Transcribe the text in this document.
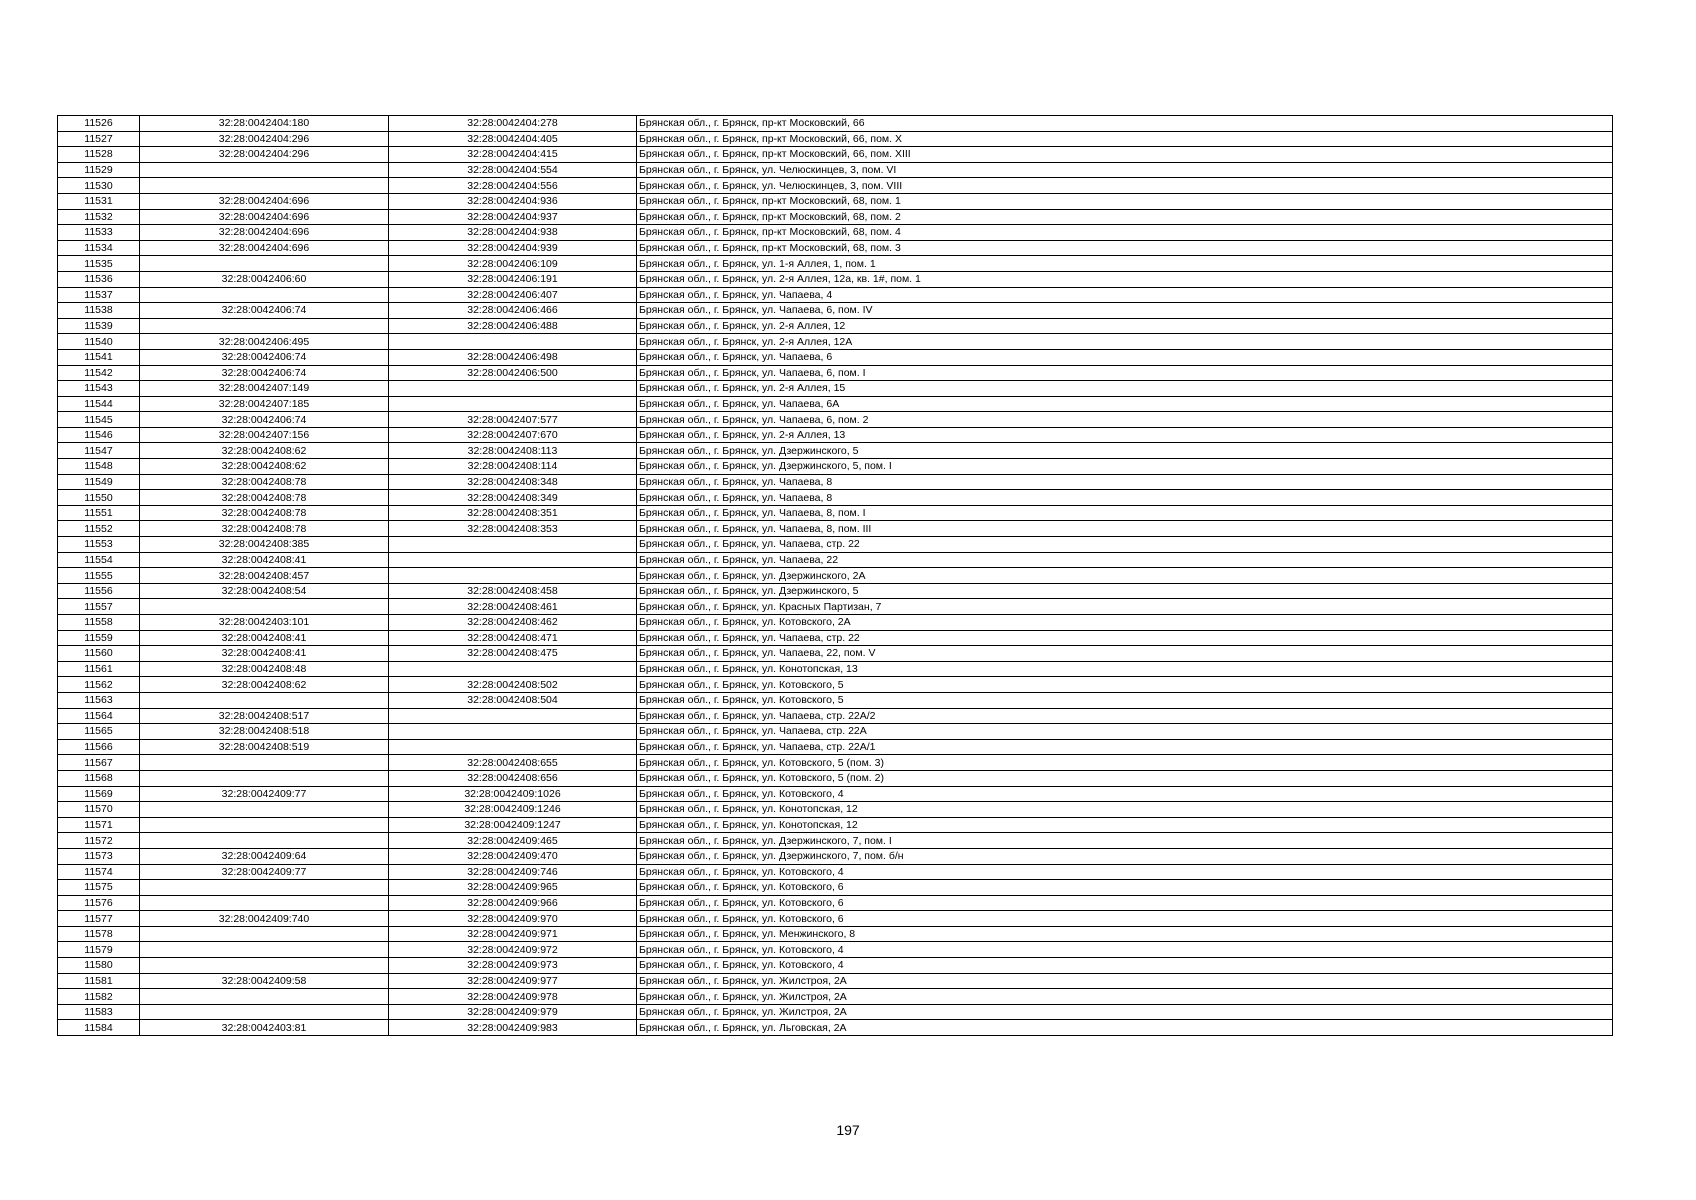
11526	32:28:0042404:180	32:28:0042404:278	Брянская обл., г. Брянск, пр-кт Московский, 66
11527	32:28:0042404:296	32:28:0042404:405	Брянская обл., г. Брянск, пр-кт Московский, 66, пом. X
11528	32:28:0042404:296	32:28:0042404:415	Брянская обл., г. Брянск, пр-кт Московский, 66, пом. XIII
11529		32:28:0042404:554	Брянская обл., г. Брянск, ул. Челюскинцев, 3, пом. VI
11530		32:28:0042404:556	Брянская обл., г. Брянск, ул. Челюскинцев, 3, пом. VIII
11531	32:28:0042404:696	32:28:0042404:936	Брянская обл., г. Брянск, пр-кт Московский, 68, пом. 1
11532	32:28:0042404:696	32:28:0042404:937	Брянская обл., г. Брянск, пр-кт Московский, 68, пом. 2
11533	32:28:0042404:696	32:28:0042404:938	Брянская обл., г. Брянск, пр-кт Московский, 68, пом. 4
11534	32:28:0042404:696	32:28:0042404:939	Брянская обл., г. Брянск, пр-кт Московский, 68, пом. 3
11535		32:28:0042406:109	Брянская обл., г. Брянск, ул. 1-я Аллея, 1, пом. 1
11536	32:28:0042406:60	32:28:0042406:191	Брянская обл., г. Брянск, ул. 2-я Аллея, 12а, кв. 1#, пом. 1
11537		32:28:0042406:407	Брянская обл., г. Брянск, ул. Чапаева, 4
11538	32:28:0042406:74	32:28:0042406:466	Брянская обл., г. Брянск, ул. Чапаева, 6, пом. IV
11539		32:28:0042406:488	Брянская обл., г. Брянск, ул. 2-я Аллея, 12
11540	32:28:0042406:495		Брянская обл., г. Брянск, ул. 2-я Аллея, 12А
11541	32:28:0042406:74	32:28:0042406:498	Брянская обл., г. Брянск, ул. Чапаева, 6
11542	32:28:0042406:74	32:28:0042406:500	Брянская обл., г. Брянск, ул. Чапаева, 6, пом. I
11543	32:28:0042407:149		Брянская обл., г. Брянск, ул. 2-я Аллея, 15
11544	32:28:0042407:185		Брянская обл., г. Брянск, ул. Чапаева, 6А
11545	32:28:0042406:74	32:28:0042407:577	Брянская обл., г. Брянск, ул. Чапаева, 6, пом. 2
11546	32:28:0042407:156	32:28:0042407:670	Брянская обл., г. Брянск, ул. 2-я Аллея, 13
11547	32:28:0042408:62	32:28:0042408:113	Брянская обл., г. Брянск, ул. Дзержинского, 5
11548	32:28:0042408:62	32:28:0042408:114	Брянская обл., г. Брянск, ул. Дзержинского, 5, пом. I
11549	32:28:0042408:78	32:28:0042408:348	Брянская обл., г. Брянск, ул. Чапаева, 8
11550	32:28:0042408:78	32:28:0042408:349	Брянская обл., г. Брянск, ул. Чапаева, 8
11551	32:28:0042408:78	32:28:0042408:351	Брянская обл., г. Брянск, ул. Чапаева, 8, пом. I
11552	32:28:0042408:78	32:28:0042408:353	Брянская обл., г. Брянск, ул. Чапаева, 8, пом. III
11553	32:28:0042408:385		Брянская обл., г. Брянск, ул. Чапаева, стр. 22
11554	32:28:0042408:41		Брянская обл., г. Брянск, ул. Чапаева, 22
11555	32:28:0042408:457		Брянская обл., г. Брянск, ул. Дзержинского, 2А
11556	32:28:0042408:54	32:28:0042408:458	Брянская обл., г. Брянск, ул. Дзержинского, 5
11557		32:28:0042408:461	Брянская обл., г. Брянск, ул. Красных Партизан, 7
11558	32:28:0042403:101	32:28:0042408:462	Брянская обл., г. Брянск, ул. Котовского, 2А
11559	32:28:0042408:41	32:28:0042408:471	Брянская обл., г. Брянск, ул. Чапаева, стр. 22
11560	32:28:0042408:41	32:28:0042408:475	Брянская обл., г. Брянск, ул. Чапаева, 22, пом. V
11561	32:28:0042408:48		Брянская обл., г. Брянск, ул. Конотопская, 13
11562	32:28:0042408:62	32:28:0042408:502	Брянская обл., г. Брянск, ул. Котовского, 5
11563		32:28:0042408:504	Брянская обл., г. Брянск, ул. Котовского, 5
11564	32:28:0042408:517		Брянская обл., г. Брянск, ул. Чапаева, стр. 22А/2
11565	32:28:0042408:518		Брянская обл., г. Брянск, ул. Чапаева, стр. 22А
11566	32:28:0042408:519		Брянская обл., г. Брянск, ул. Чапаева, стр. 22А/1
11567		32:28:0042408:655	Брянская обл., г. Брянск, ул. Котовского, 5 (пом. 3)
11568		32:28:0042408:656	Брянская обл., г. Брянск, ул. Котовского, 5 (пом. 2)
11569	32:28:0042409:77	32:28:0042409:1026	Брянская обл., г. Брянск, ул. Котовского, 4
11570		32:28:0042409:1246	Брянская обл., г. Брянск, ул. Конотопская, 12
11571		32:28:0042409:1247	Брянская обл., г. Брянск, ул. Конотопская, 12
11572		32:28:0042409:465	Брянская обл., г. Брянск, ул. Дзержинского, 7, пом. I
11573	32:28:0042409:64	32:28:0042409:470	Брянская обл., г. Брянск, ул. Дзержинского, 7, пом. б/н
11574	32:28:0042409:77	32:28:0042409:746	Брянская обл., г. Брянск, ул. Котовского, 4
11575		32:28:0042409:965	Брянская обл., г. Брянск, ул. Котовского, 6
11576		32:28:0042409:966	Брянская обл., г. Брянск, ул. Котовского, 6
11577	32:28:0042409:740	32:28:0042409:970	Брянская обл., г. Брянск, ул. Котовского, 6
11578		32:28:0042409:971	Брянская обл., г. Брянск, ул. Менжинского, 8
11579		32:28:0042409:972	Брянская обл., г. Брянск, ул. Котовского, 4
11580		32:28:0042409:973	Брянская обл., г. Брянск, ул. Котовского, 4
11581	32:28:0042409:58	32:28:0042409:977	Брянская обл., г. Брянск, ул. Жилстроя, 2А
11582		32:28:0042409:978	Брянская обл., г. Брянск, ул. Жилстроя, 2А
11583		32:28:0042409:979	Брянская обл., г. Брянск, ул. Жилстроя, 2А
11584	32:28:0042403:81	32:28:0042409:983	Брянская обл., г. Брянск, ул. Льговская, 2А
197
